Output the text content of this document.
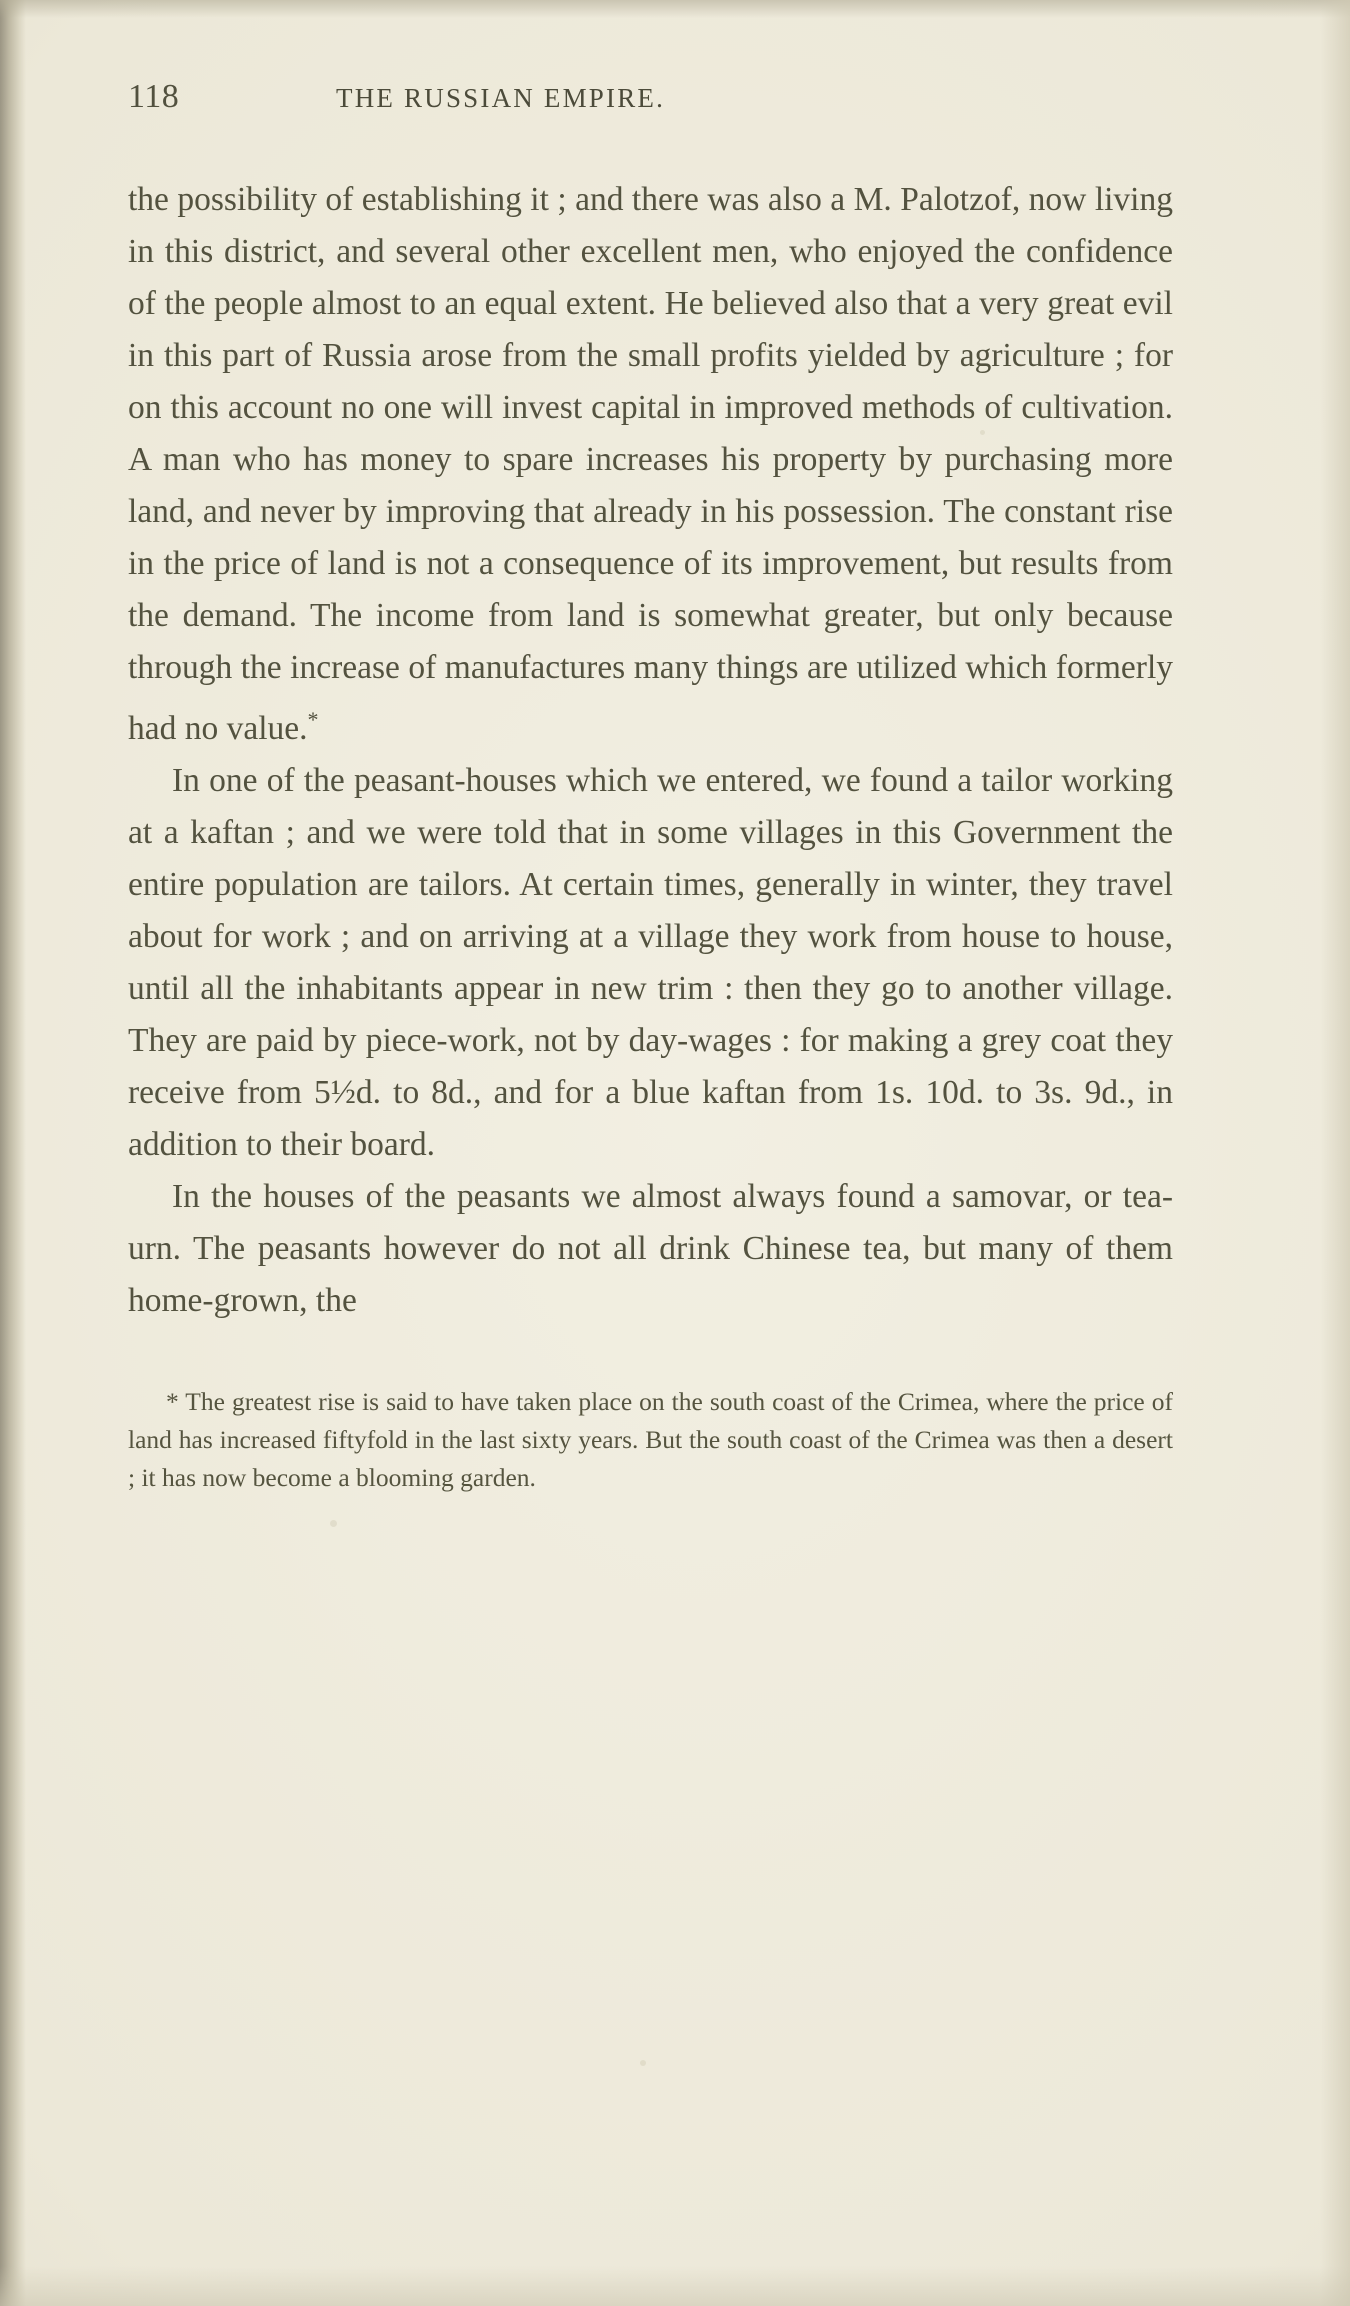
118	THE RUSSIAN EMPIRE.

the possibility of establishing it ; and there was also a M. Palotzof, now living in this district, and several other excellent men, who enjoyed the confidence of the people almost to an equal extent. He believed also that a very great evil in this part of Russia arose from the small profits yielded by agriculture ; for on this account no one will invest capital in improved methods of cultivation. A man who has money to spare increases his property by purchasing more land, and never by improving that already in his possession. The constant rise in the price of land is not a consequence of its improvement, but results from the demand. The income from land is somewhat greater, but only because through the increase of manufactures many things are utilized which formerly had no value.*

In one of the peasant-houses which we entered, we found a tailor working at a kaftan ; and we were told that in some villages in this Government the entire population are tailors. At certain times, generally in winter, they travel about for work ; and on arriving at a village they work from house to house, until all the inhabitants appear in new trim : then they go to another village. They are paid by piece-work, not by day-wages : for making a grey coat they receive from 5½d. to 8d., and for a blue kaftan from 1s. 10d. to 3s. 9d., in addition to their board.

In the houses of the peasants we almost always found a samovar, or tea-urn. The peasants however do not all drink Chinese tea, but many of them home-grown, the

* The greatest rise is said to have taken place on the south coast of the Crimea, where the price of land has increased fiftyfold in the last sixty years. But the south coast of the Crimea was then a desert ; it has now become a blooming garden.
